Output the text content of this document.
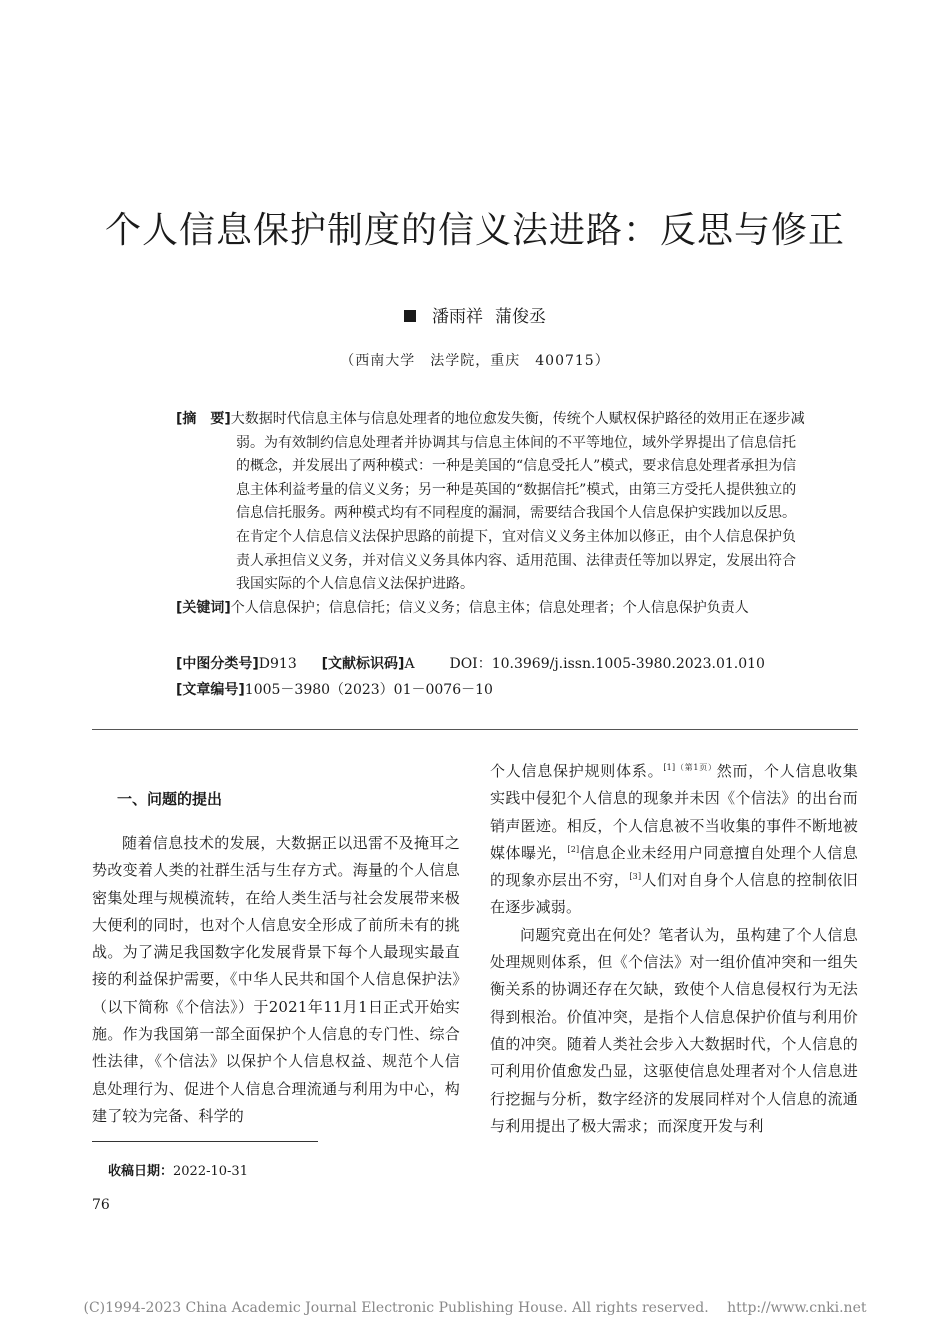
个人信息保护制度的信义法进路：反思与修正
潘雨祥 蒲俊丞
（西南大学　法学院，重庆　400715）
[摘　要]大数据时代信息主体与信息处理者的地位愈发失衡，传统个人赋权保护路径的效用正在逐步减弱。为有效制约信息处理者并协调其与信息主体间的不平等地位，域外学界提出了信息信托的概念，并发展出了两种模式：一种是美国的“信息受托人”模式，要求信息处理者承担为信息主体利益考量的信义义务；另一种是英国的“数据信托”模式，由第三方受托人提供独立的信息信托服务。两种模式均有不同程度的漏洞，需要结合我国个人信息保护实践加以反思。在肯定个人信息信义法保护思路的前提下，宜对信义义务主体加以修正，由个人信息保护负责人承担信义义务，并对信义义务具体内容、适用范围、法律责任等加以界定，发展出符合我国实际的个人信息信义法保护进路。
[关键词]个人信息保护；信息信托；信义义务；信息主体；信息处理者；个人信息保护负责人
[中图分类号]D913 [文献标识码]A DOI：10.3969/j.issn.1005-3980.2023.01.010
[文章编号]1005－3980（2023）01－0076－10
一、问题的提出

随着信息技术的发展，大数据正以迅雷不及掩耳之势改变着人类的社群生活与生存方式。海量的个人信息密集处理与规模流转，在给人类生活与社会发展带来极大便利的同时，也对个人信息安全形成了前所未有的挑战。为了满足我国数字化发展背景下每个人最现实最直接的利益保护需要，《中华人民共和国个人信息保护法》（以下简称《个信法》）于2021年11月1日正式开始实施。作为我国第一部全面保护个人信息的专门性、综合性法律，《个信法》以保护个人信息权益、规范个人信息处理行为、促进个人信息合理流通与利用为中心，构建了较为完备、科学的

个人信息保护规则体系。$^{[1](第1页)}$然而，个人信息收集实践中侵犯个人信息的现象并未因《个信法》的出台而销声匿迹。相反，个人信息被不当收集的事件不断地被媒体曝光，[2]信息企业未经用户同意擅自处理个人信息的现象亦层出不穷，[3]人们对自身个人信息的控制依旧在逐步减弱。

问题究竟出在何处？笔者认为，虽构建了个人信息处理规则体系，但《个信法》对一组价值冲突和一组失衡关系的协调还存在欠缺，致使个人信息侵权行为无法得到根治。价值冲突，是指个人信息保护价值与利用价值的冲突。随着人类社会步入大数据时代，个人信息的可利用价值愈发凸显，这驱使信息处理者对个人信息进行挖掘与分析，数字经济的发展同样对个人信息的流通与利用提出了极大需求；而深度开发与利

收稿日期：2022-10-31
76
(C)1994-2023 China Academic Journal Electronic Publishing House. All rights reserved.　 http://www.cnki.net
